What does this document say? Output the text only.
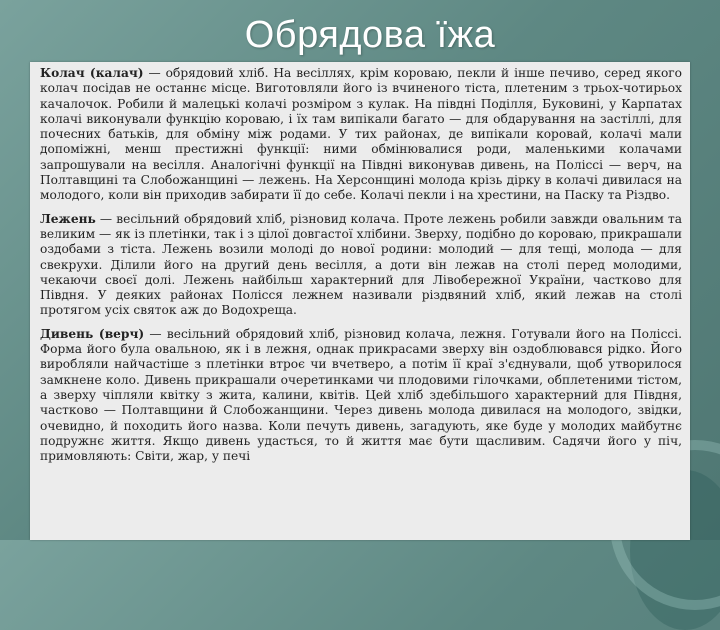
Обрядова їжа

Колач (калач) — обрядовий хліб. На весіллях, крім короваю, пекли й інше печиво, серед якого колач посідав не останнє місце. Виготовляли його із вчиненого тіста, плетеним з трьох-чотирьох качалочок. Робили й малецькі колачі розміром з кулак. На півдні Поділля, Буковині, у Карпатах колачі виконували функцію короваю, і їх там випікали багато — для обдарування на застіллі, для почесних батьків, для обміну між родами. У тих районах, де випікали коровай, колачі мали допоміжні, менш престижні функції: ними обмінювалися роди, маленькими колачами запрошували на весілля. Аналогічні функції на Півдні виконував дивень, на Поліссі — верч, на Полтавщині та Слобожанщині — лежень. На Херсонщині молода крізь дірку в колачі дивилася на молодого, коли він приходив забирати її до себе. Колачі пекли і на хрестини, на Паску та Різдво.

Лежень — весільний обрядовий хліб, різновид колача. Проте лежень робили завжди овальним та великим — як із плетінки, так і з цілої довгастої хлібини. Зверху, подібно до короваю, прикрашали оздобами з тіста. Лежень возили молоді до нової родини: молодий — для тещі, молода — для свекрухи. Ділили його на другий день весілля, а доти він лежав на столі перед молодими, чекаючи своєї долі. Лежень найбільш характерний для Лівобережної України, частково для Півдня. У деяких районах Полісся лежнем називали різдвяний хліб, який лежав на столі протягом усіх святок аж до Водохреща.

Дивень (верч) — весільний обрядовий хліб, різновид колача, лежня. Готували його на Поліссі. Форма його була овальною, як і в лежня, однак прикрасами зверху він оздоблювався рідко. Його виробляли найчастіше з плетінки втроє чи вчетверо, а потім її краї з'єднували, щоб утворилося замкнене коло. Дивень прикрашали очеретинками чи плодовими гілочками, обплетеними тістом, а зверху чіпляли квітку з жита, калини, квітів. Цей хліб здебільшого характерний для Півдня, частково — Полтавщини й Слобожанщини. Через дивень молода дивилася на молодого, звідки, очевидно, й походить його назва. Коли печуть дивень, загадують, яке буде у молодих майбутнє подружнє життя. Якщо дивень удасться, то й життя має бути щасливим. Садячи його у піч, примовляють: Світи, жар, у печі
